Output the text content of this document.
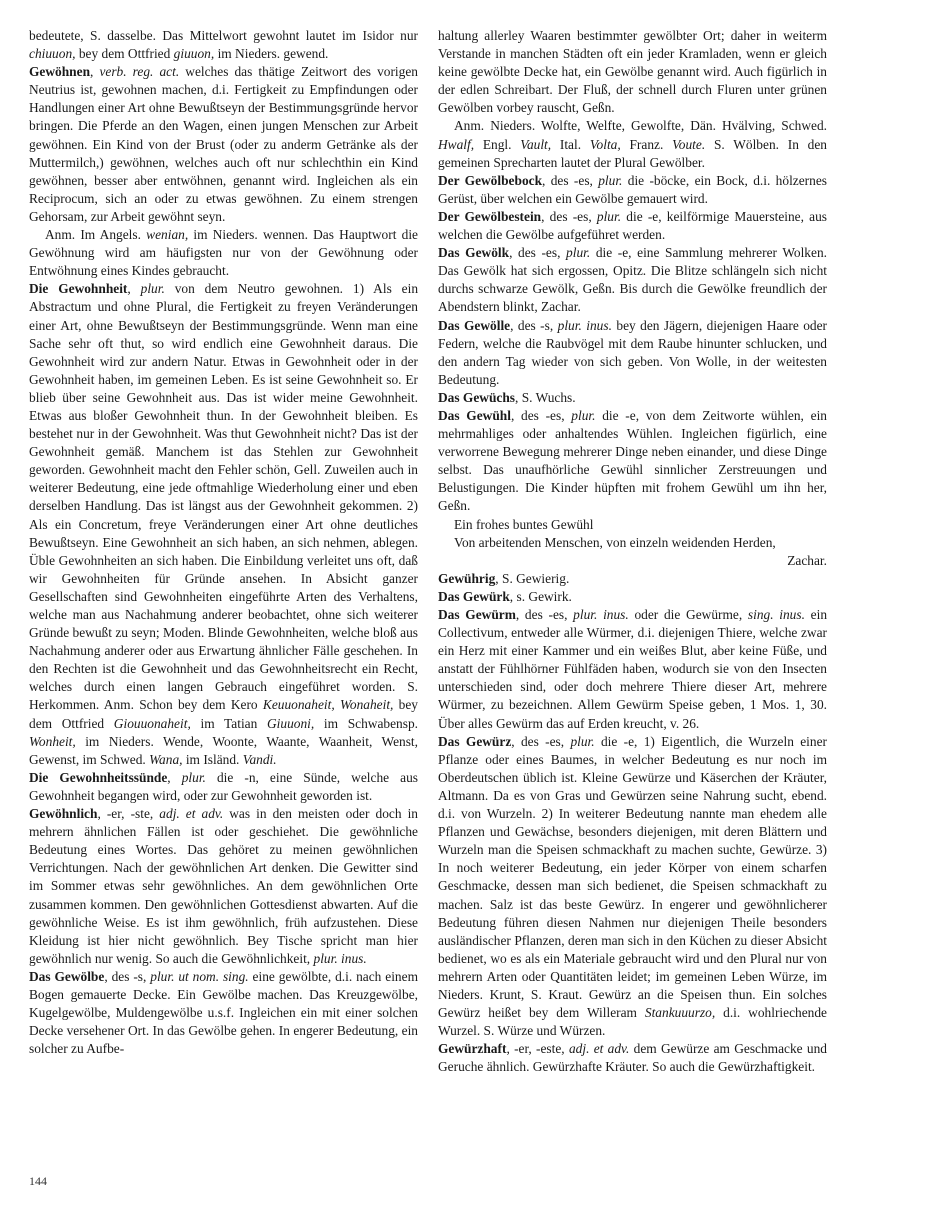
bedeutete, S. dasselbe. Das Mittelwort gewohnt lautet im Isidor nur chiuuon, bey dem Ottfried giuuon, im Nieders. gewend.

Gewöhnen, verb. reg. act. welches das thätige Zeitwort des vorigen Neutrius ist, gewohnen machen, d.i. Fertigkeit zu Empfindungen oder Handlungen einer Art ohne Bewußtseyn der Bestimmungsgründe hervor bringen. Die Pferde an den Wagen, einen jungen Menschen zur Arbeit gewöhnen. Ein Kind von der Brust (oder zu anderm Getränke als der Muttermilch,) gewöhnen, welches auch oft nur schlechthin ein Kind gewöhnen, besser aber entwöhnen, genannt wird. Ingleichen als ein Reciprocum, sich an oder zu etwas gewöhnen. Zu einem strengen Gehorsam, zur Arbeit gewöhnt seyn.

Anm. Im Angels. wenian, im Nieders. wennen. Das Hauptwort die Gewöhnung wird am häufigsten nur von der Gewöhnung oder Entwöhnung eines Kindes gebraucht.

Die Gewohnheit, plur. von dem Neutro gewohnen. 1) Als ein Abstractum und ohne Plural, die Fertigkeit zu freyen Veränderungen einer Art, ohne Bewußtseyn der Bestimmungsgründe. Wenn man eine Sache sehr oft thut, so wird endlich eine Gewohnheit daraus. Die Gewohnheit wird zur andern Natur. Etwas in Gewohnheit oder in der Gewohnheit haben, im gemeinen Leben. Es ist seine Gewohnheit so. Er blieb über seine Gewohnheit aus. Das ist wider meine Gewohnheit. Etwas aus bloßer Gewohnheit thun. In der Gewohnheit bleiben. Es bestehet nur in der Gewohnheit. Was thut Gewohnheit nicht? Das ist der Gewohnheit gemäß. Manchem ist das Stehlen zur Gewohnheit geworden. Gewohnheit macht den Fehler schön, Gell. Zuweilen auch in weiterer Bedeutung, eine jede oftmahlige Wiederholung einer und eben derselben Handlung. Das ist längst aus der Gewohnheit gekommen. 2) Als ein Concretum, freye Veränderungen einer Art ohne deutliches Bewußtseyn. Eine Gewohnheit an sich haben, an sich nehmen, ablegen. Üble Gewohnheiten an sich haben. Die Einbildung verleitet uns oft, daß wir Gewohnheiten für Gründe ansehen. In Absicht ganzer Gesellschaften sind Gewohnheiten eingeführte Arten des Verhaltens, welche man aus Nachahmung anderer beobachtet, ohne sich weiterer Gründe bewußt zu seyn; Moden. Blinde Gewohnheiten, welche bloß aus Nachahmung anderer oder aus Erwartung ähnlicher Fälle geschehen. In den Rechten ist die Gewohnheit und das Gewohnheitsrecht ein Recht, welches durch einen langen Gebrauch eingeführet worden. S. Herkommen. Anm. Schon bey dem Kero Keuuonaheit, Wonaheit, bey dem Ottfried Giouuonaheit, im Tatian Giuuoni, im Schwabensp. Wonheit, im Nieders. Wende, Woonte, Waante, Waanheit, Wenst, Gewenst, im Schwed. Wana, im Isländ. Vandi.

Die Gewohnheitssünde, plur. die -n, eine Sünde, welche aus Gewohnheit begangen wird, oder zur Gewohnheit geworden ist.

Gewöhnlich, -er, -ste, adj. et adv. was in den meisten oder doch in mehrern ähnlichen Fällen ist oder geschiehet. Die gewöhnliche Bedeutung eines Wortes. Das gehöret zu meinen gewöhnlichen Verrichtungen. Nach der gewöhnlichen Art denken. Die Gewitter sind im Sommer etwas sehr gewöhnliches. An dem gewöhnlichen Orte zusammen kommen. Den gewöhnlichen Gottesdienst abwarten. Auf die gewöhnliche Weise. Es ist ihm gewöhnlich, früh aufzustehen. Diese Kleidung ist hier nicht gewöhnlich. Bey Tische spricht man hier gewöhnlich nur wenig. So auch die Gewöhnlichkeit, plur. inus.

Das Gewölbe, des -s, plur. ut nom. sing. eine gewölbte, d.i. nach einem Bogen gemauerte Decke. Ein Gewölbe machen. Das Kreuzgewölbe, Kugelgewölbe, Muldengewölbe u.s.f. Ingleichen ein mit einer solchen Decke versehener Ort. In das Gewölbe gehen. In engerer Bedeutung, ein solcher zu Aufbe-

haltung allerley Waaren bestimmter gewölbter Ort; daher in weiterm Verstande in manchen Städten oft ein jeder Kramladen, wenn er gleich keine gewölbte Decke hat, ein Gewölbe genannt wird. Auch figürlich in der edlen Schreibart. Der Fluß, der schnell durch Fluren unter grünen Gewölben vorbey rauscht, Geßn.

Anm. Nieders. Wolfte, Welfte, Gewolfte, Dän. Hvälving, Schwed. Hwalf, Engl. Vault, Ital. Volta, Franz. Voute. S. Wölben. In den gemeinen Sprecharten lautet der Plural Gewölber.

Der Gewölbebock, des -es, plur. die -böcke, ein Bock, d.i. hölzernes Gerüst, über welchen ein Gewölbe gemauert wird.

Der Gewölbestein, des -es, plur. die -e, keilförmige Mauersteine, aus welchen die Gewölbe aufgeführet werden.

Das Gewölk, des -es, plur. die -e, eine Sammlung mehrerer Wolken. Das Gewölk hat sich ergossen, Opitz. Die Blitze schlängeln sich nicht durchs schwarze Gewölk, Geßn. Bis durch die Gewölke freundlich der Abendstern blinkt, Zachar.

Das Gewölle, des -s, plur. inus. bey den Jägern, diejenigen Haare oder Federn, welche die Raubvögel mit dem Raube hinunter schlucken, und den andern Tag wieder von sich geben. Von Wolle, in der weitesten Bedeutung.

Das Gewüchs, S. Wuchs.

Das Gewühl, des -es, plur. die -e, von dem Zeitworte wühlen, ein mehrmahliges oder anhaltendes Wühlen. Ingleichen figürlich, eine verworrene Bewegung mehrerer Dinge neben einander, und diese Dinge selbst. Das unaufhörliche Gewühl sinnlicher Zerstreuungen und Belustigungen. Die Kinder hüpften mit frohem Gewühl um ihn her, Geßn.

Ein frohes buntes Gewühl

Von arbeitenden Menschen, von einzeln weidenden Herden,

Zachar.

Gewührig, S. Gewierig.

Das Gewürk, s. Gewirk.

Das Gewürm, des -es, plur. inus. oder die Gewürme, sing. inus. ein Collectivum, entweder alle Würmer, d.i. diejenigen Thiere, welche zwar ein Herz mit einer Kammer und ein weißes Blut, aber keine Füße, und anstatt der Fühlhörner Fühlfäden haben, wodurch sie von den Insecten unterschieden sind, oder doch mehrere Thiere dieser Art, mehrere Würmer, zu bezeichnen. Allem Gewürm Speise geben, 1 Mos. 1, 30. Über alles Gewürm das auf Erden kreucht, v. 26.

Das Gewürz, des -es, plur. die -e, 1) Eigentlich, die Wurzeln einer Pflanze oder eines Baumes, in welcher Bedeutung es nur noch im Oberdeutschen üblich ist. Kleine Gewürze und Käserchen der Kräuter, Altmann. Da es von Gras und Gewürzen seine Nahrung sucht, ebend. d.i. von Wurzeln. 2) In weiterer Bedeutung nannte man ehedem alle Pflanzen und Gewächse, besonders diejenigen, mit deren Blättern und Wurzeln man die Speisen schmackhaft zu machen suchte, Gewürze. 3) In noch weiterer Bedeutung, ein jeder Körper von einem scharfen Geschmacke, dessen man sich bedienet, die Speisen schmackhaft zu machen. Salz ist das beste Gewürz. In engerer und gewöhnlicherer Bedeutung führen diesen Nahmen nur diejenigen Theile besonders ausländischer Pflanzen, deren man sich in den Küchen zu dieser Absicht bedienet, wo es als ein Materiale gebraucht wird und den Plural nur von mehrern Arten oder Quantitäten leidet; im gemeinen Leben Würze, im Nieders. Krunt, S. Kraut. Gewürz an die Speisen thun. Ein solches Gewürz heißet bey dem Willeram Stankuuurzo, d.i. wohlriechende Wurzel. S. Würze und Würzen.

Gewürzhaft, -er, -este, adj. et adv. dem Gewürze am Geschmacke und Geruche ähnlich. Gewürzhafte Kräuter. So auch die Gewürzhaftigkeit.

144
